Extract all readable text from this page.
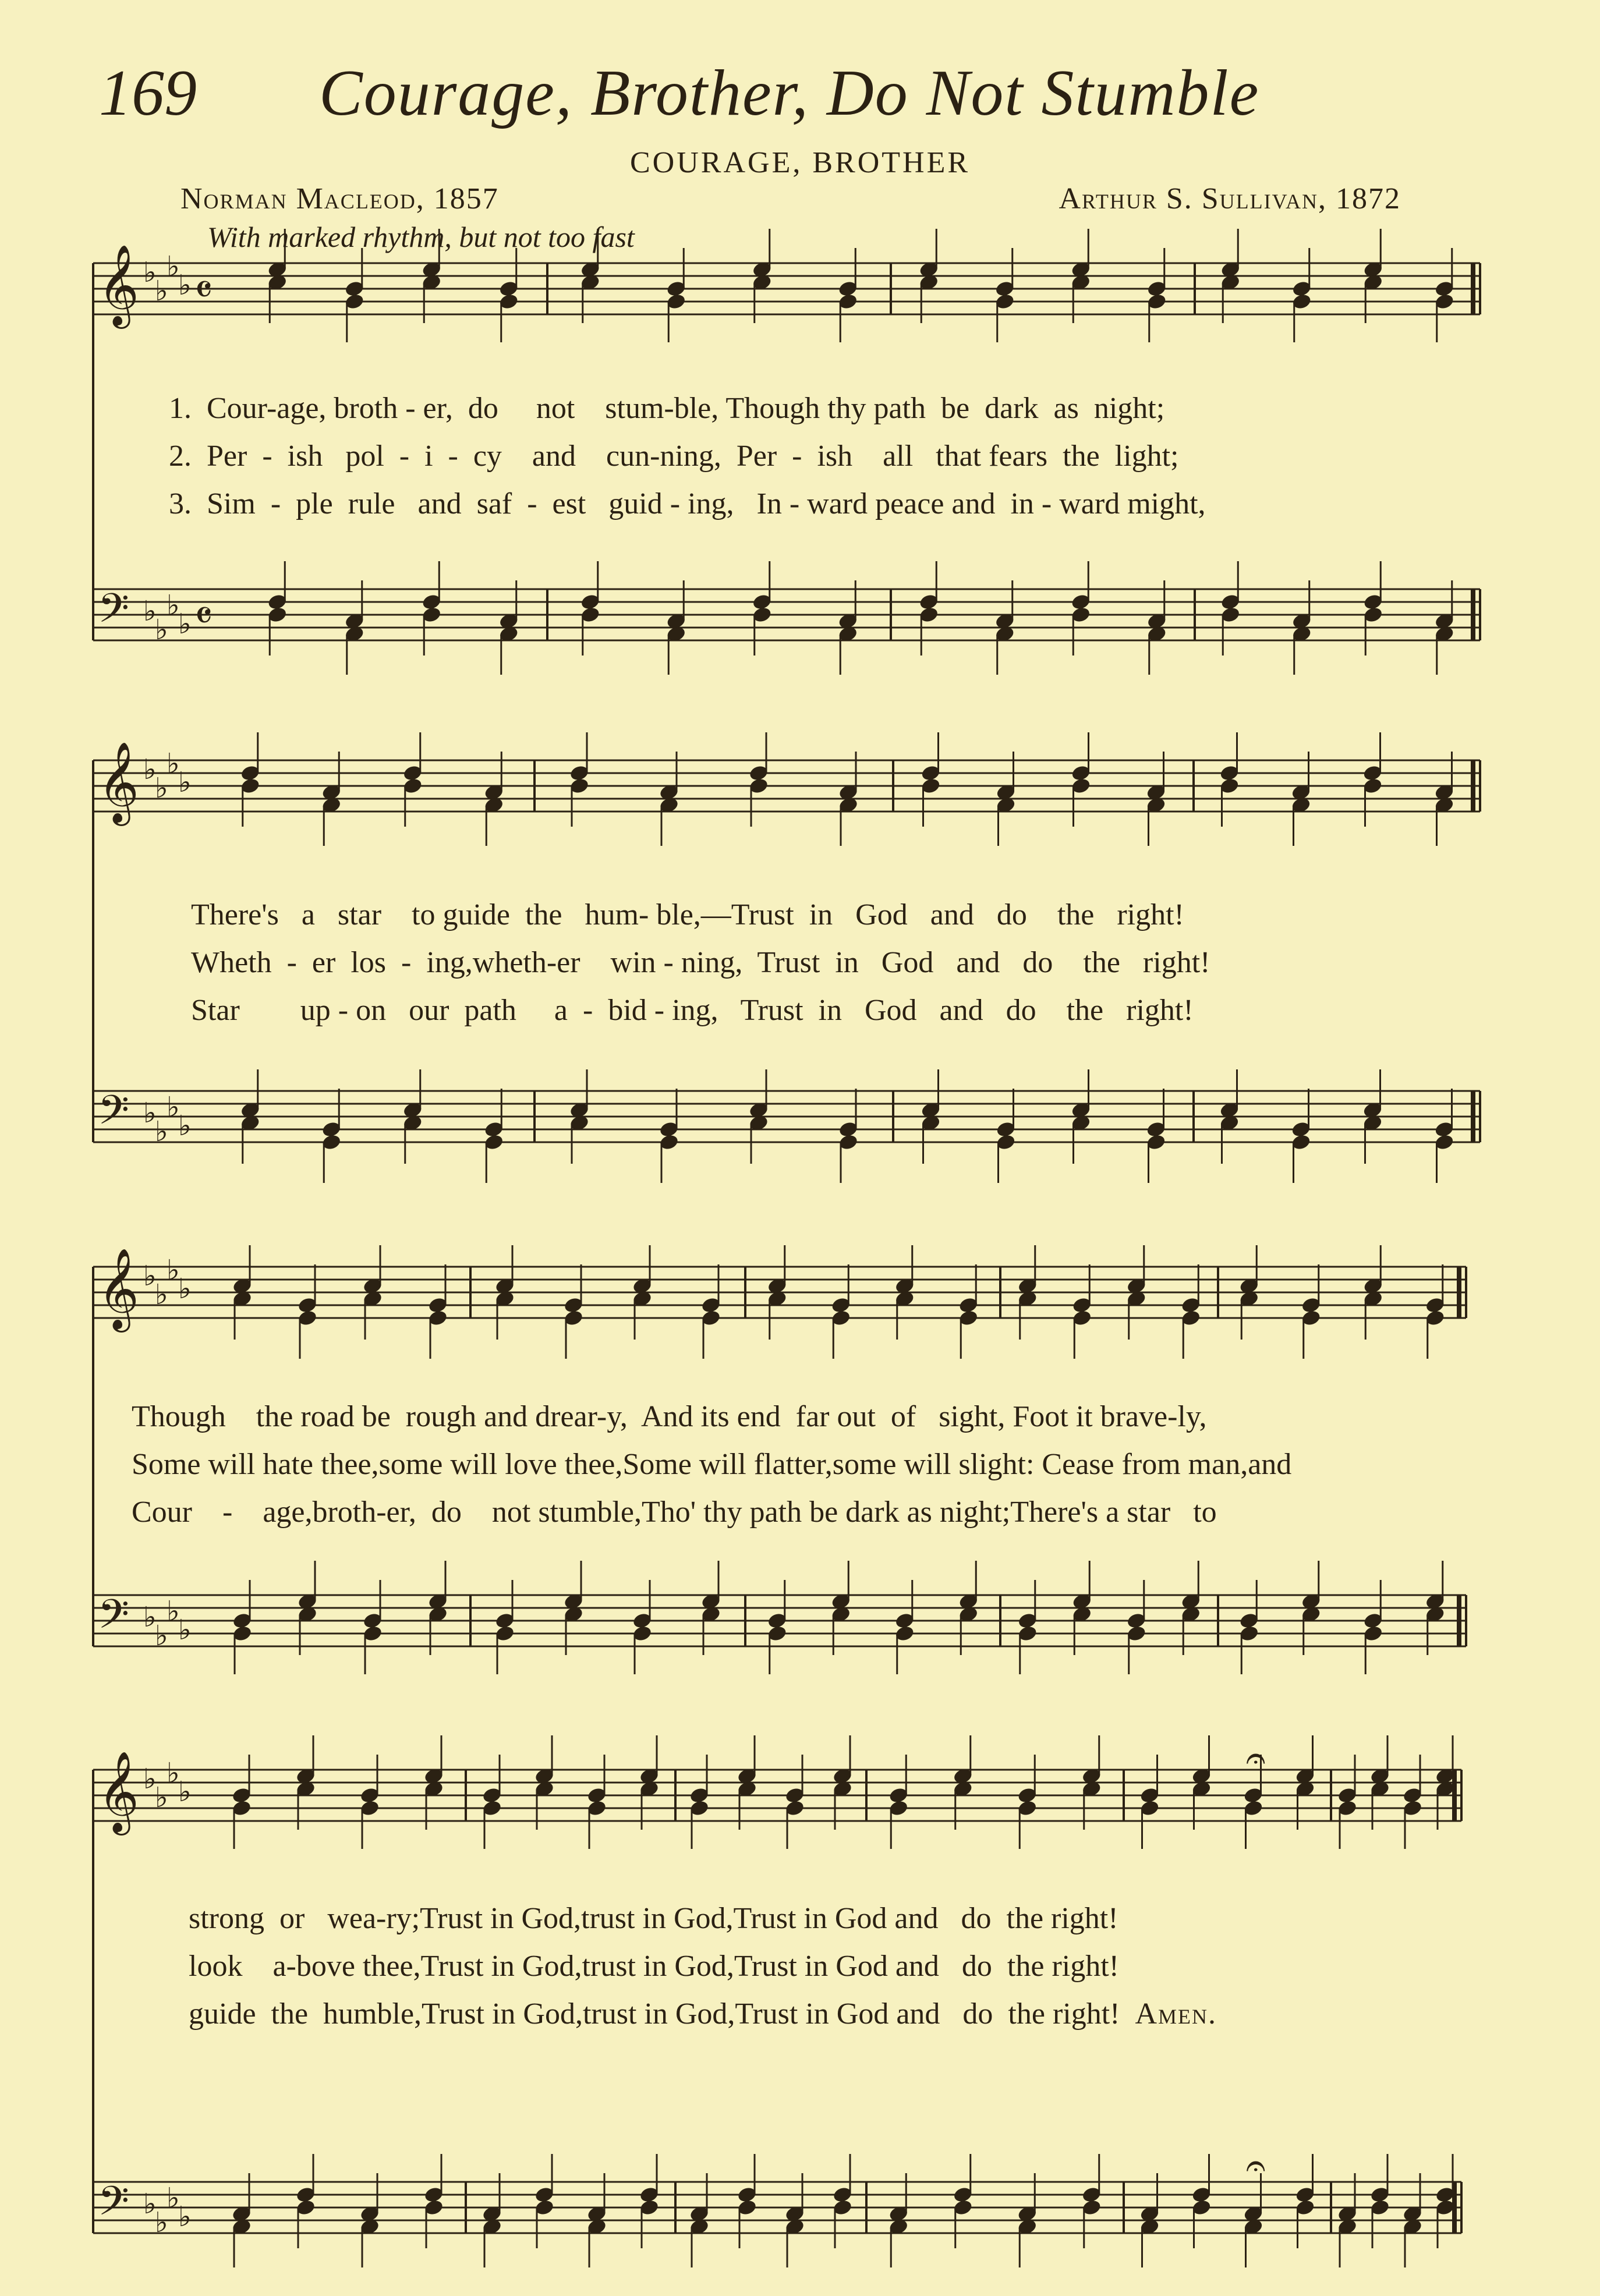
169 Courage, Brother, Do Not Stumble
COURAGE, BROTHER
Norman Macleod, 1857	Arthur S. Sullivan, 1872
With marked rhythm, but not too fast
𝄞 ♭
♭
♭
♭ 𝄴
𝄢 ♭
♭
♭
♭ 𝄴
𝄞 ♭
♭
♭
♭
𝄢 ♭
♭
♭
♭
𝄞 ♭
♭
♭
♭
𝄢 ♭
♭
♭
♭
𝄞 ♭
♭
♭
♭
𝄢 ♭
♭
♭
♭
𝄐
𝄐
1.  Cour-age, broth - er,  do     not    stum-ble, Though thy path  be  dark  as  night;
2.  Per  -  ish   pol  -  i  -  cy    and    cun-ning,  Per  -  ish    all   that fears  the  light;
3.  Sim  -  ple  rule   and  saf  -  est   guid - ing,   In - ward peace and  in - ward might,
There's   a   star    to guide  the   hum- ble,—Trust  in   God   and   do    the   right!
Wheth  -  er  los  -  ing,wheth-er    win - ning,  Trust  in   God   and   do    the   right!
Star        up - on   our  path     a  -  bid - ing,   Trust  in   God   and   do    the   right!
Though    the road be  rough and drear-y,  And its end  far out  of   sight, Foot it brave-ly,
Some will hate thee,some will love thee,Some will flatter,some will slight: Cease from man,and
Cour    -    age,broth-er,  do    not stumble,Tho' thy path be dark as night;There's a star   to
strong  or   wea-ry;Trust in God,trust in God,Trust in God and   do  the right!
look    a-bove thee,Trust in God,trust in God,Trust in God and   do  the right!
guide  the  humble,Trust in God,trust in God,Trust in God and   do  the right! Amen.
